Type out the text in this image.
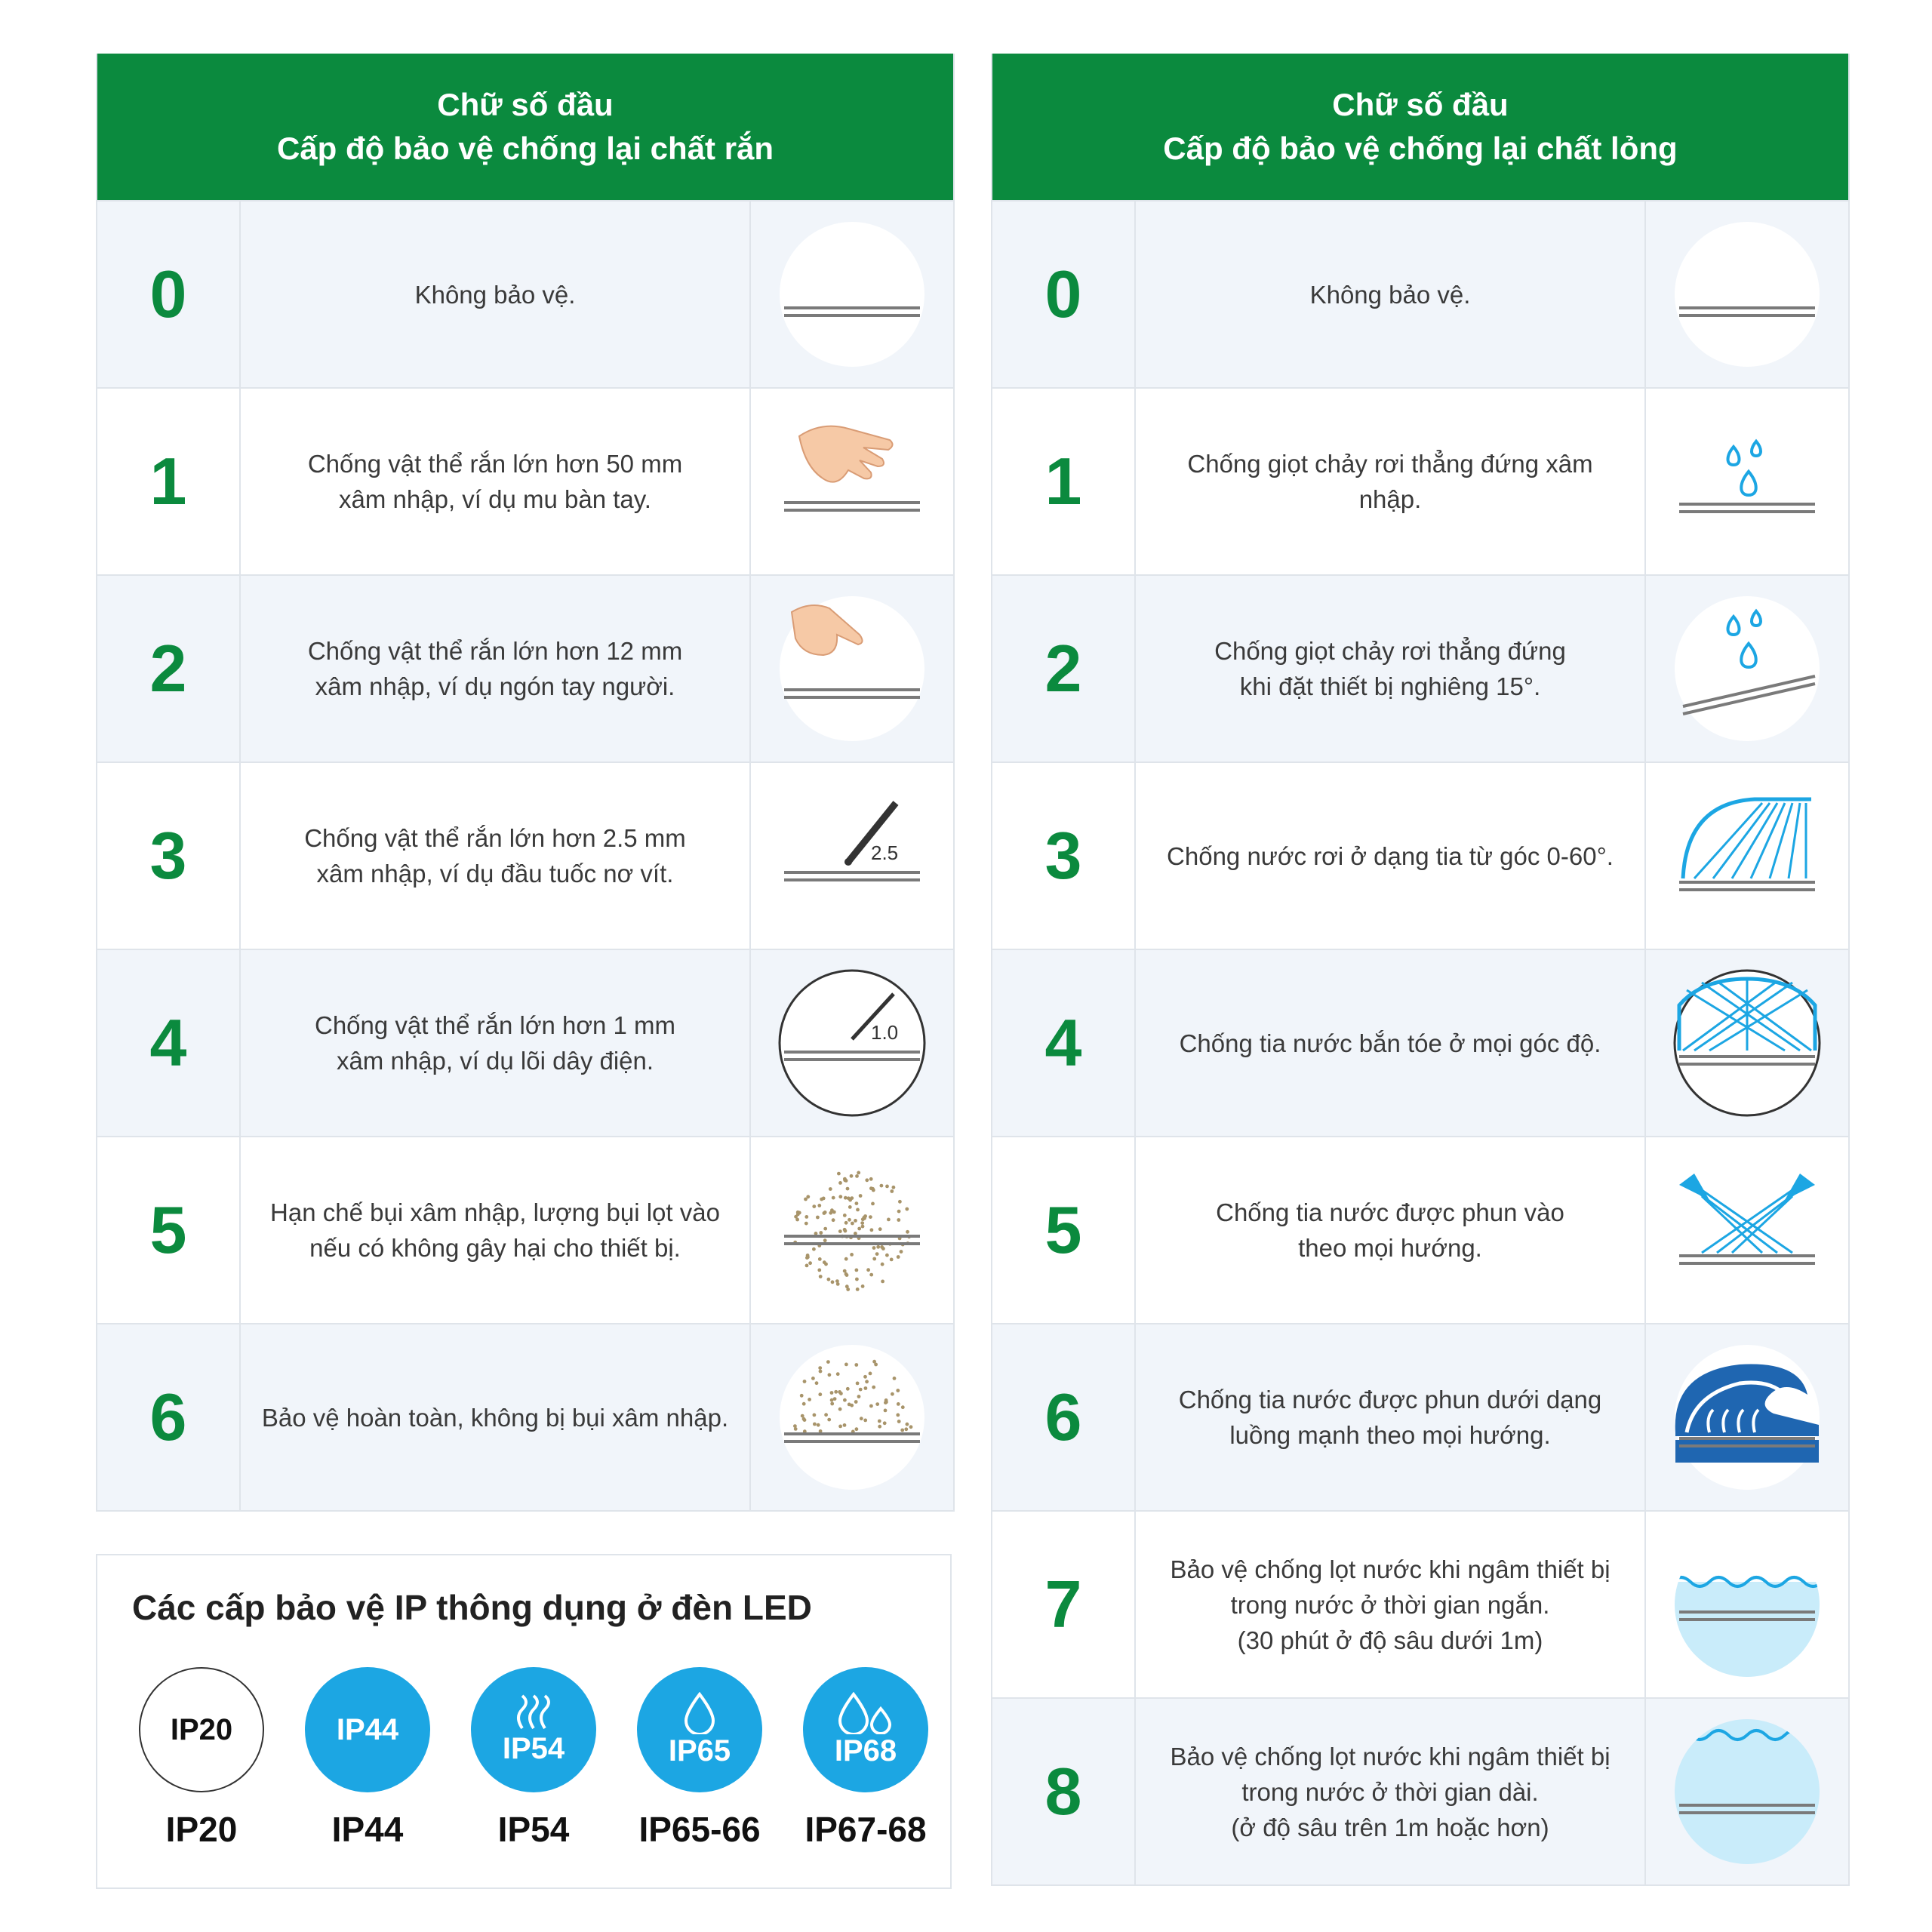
Chữ số đầu
Cấp độ bảo vệ chống lại chất rắn
0	Không bảo vệ.
1	Chống vật thể rắn lớn hơn 50 mm
xâm nhập, ví dụ mu bàn tay.
2	Chống vật thể rắn lớn hơn 12 mm
xâm nhập, ví dụ ngón tay người.
3	Chống vật thể rắn lớn hơn 2.5 mm
xâm nhập, ví dụ đầu tuốc nơ vít.
2.5
4	Chống vật thể rắn lớn hơn 1 mm
xâm nhập, ví dụ lõi dây điện.
1.0
5	Hạn chế bụi xâm nhập, lượng bụi lọt vào
nếu có không gây hại cho thiết bị.
6	Bảo vệ hoàn toàn, không bị bụi xâm nhập.
Chữ số đầu
Cấp độ bảo vệ chống lại chất lỏng
0	Không bảo vệ.
1	Chống giọt chảy rơi thẳng đứng xâm nhập.
2	Chống giọt chảy rơi thẳng đứng
khi đặt thiết bị nghiêng 15°.
3	Chống nước rơi ở dạng tia từ góc 0-60°.
4	Chống tia nước bắn tóe ở mọi góc độ.
5	Chống tia nước được phun vào
theo mọi hướng.
6	Chống tia nước được phun dưới dạng
luồng mạnh theo mọi hướng.
7	Bảo vệ chống lọt nước khi ngâm thiết bị
trong nước ở thời gian ngắn.
(30 phút ở độ sâu dưới 1m)
8	Bảo vệ chống lọt nước khi ngâm thiết bị
trong nước ở thời gian dài.
(ở độ sâu trên 1m hoặc hơn)
Các cấp bảo vệ IP thông dụng ở đèn LED
IP20
IP20
IP44
IP44
IP54
IP54
IP65
IP65-66
IP68
IP67-68
